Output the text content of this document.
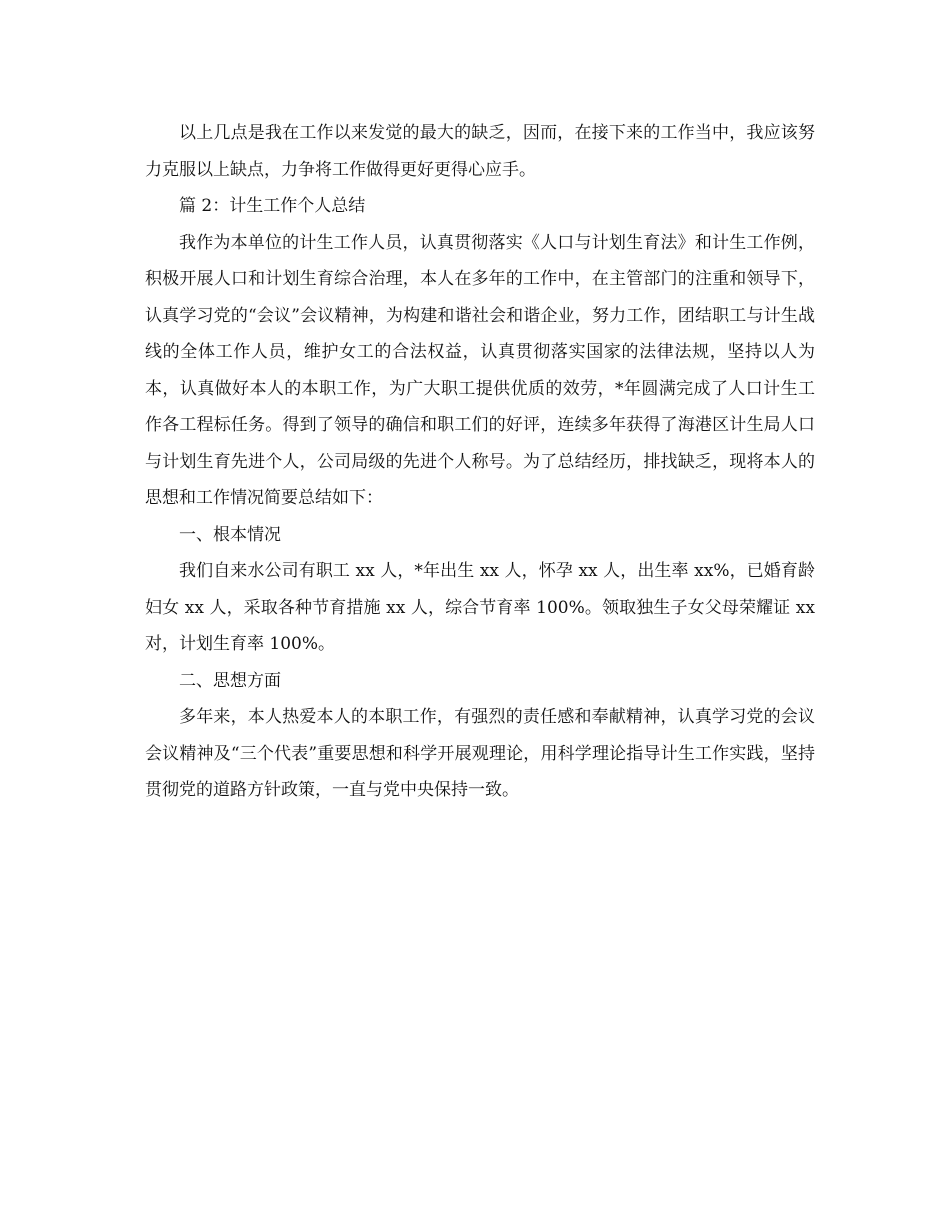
以上几点是我在工作以来发觉的最大的缺乏，因而，在接下来的工作当中，我应该努力克服以上缺点，力争将工作做得更好更得心应手。

篇 2：计生工作个人总结

我作为本单位的计生工作人员，认真贯彻落实《人口与计划生育法》和计生工作例，积极开展人口和计划生育综合治理，本人在多年的工作中，在主管部门的注重和领导下，认真学习党的“会议”会议精神，为构建和谐社会和谐企业，努力工作，团结职工与计生战线的全体工作人员，维护女工的合法权益，认真贯彻落实国家的法律法规，坚持以人为本，认真做好本人的本职工作，为广大职工提供优质的效劳，*年圆满完成了人口计生工作各工程标任务。得到了领导的确信和职工们的好评，连续多年获得了海港区计生局人口与计划生育先进个人，公司局级的先进个人称号。为了总结经历，排找缺乏，现将本人的思想和工作情况简要总结如下：

一、根本情况

我们自来水公司有职工 xx 人，*年出生 xx 人，怀孕 xx 人，出生率 xx%，已婚育龄妇女 xx 人，采取各种节育措施 xx 人，综合节育率 100%。领取独生子女父母荣耀证 xx 对，计划生育率 100%。

二、思想方面

多年来，本人热爱本人的本职工作，有强烈的责任感和奉献精神，认真学习党的会议会议精神及“三个代表”重要思想和科学开展观理论，用科学理论指导计生工作实践，坚持贯彻党的道路方针政策，一直与党中央保持一致。
